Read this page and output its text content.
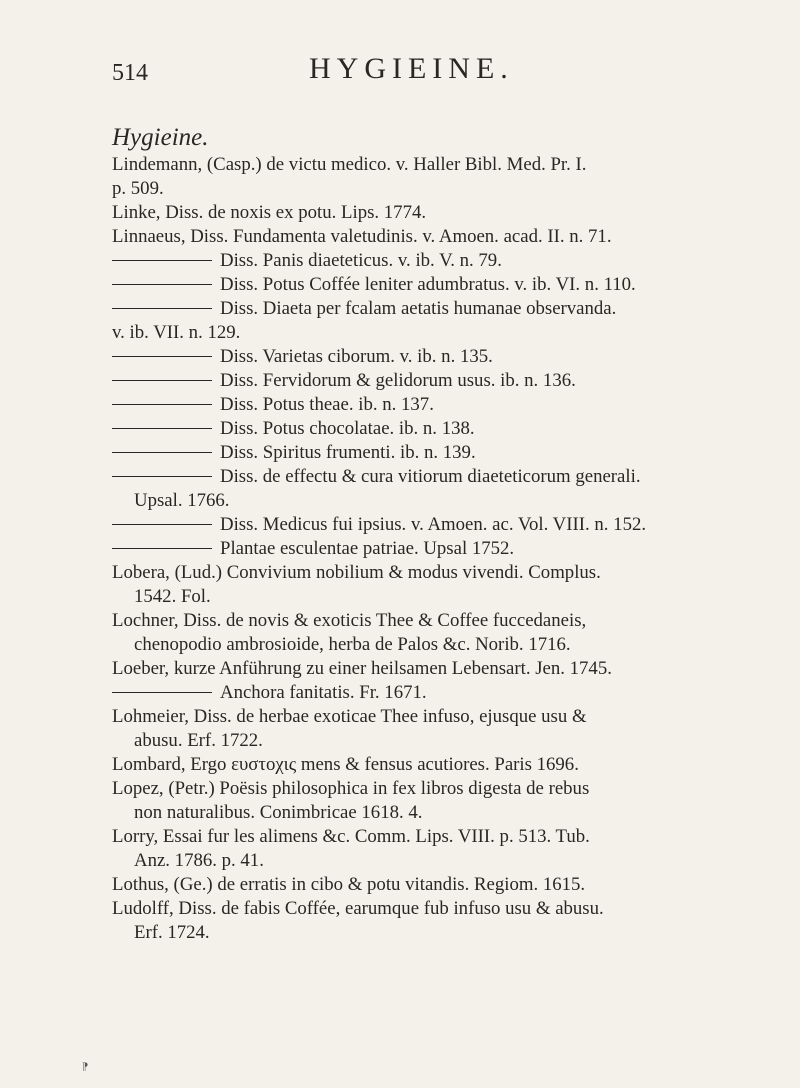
514	HYGIEINE.
Hygieine.
Lindemann, (Casp.) de victu medico. v. Haller Bibl. Med. Pr. I.
p. 509.
Linke, Diss. de noxis ex potu. Lips. 1774.
Linnaeus, Diss. Fundamenta valetudinis. v. Amoen. acad. II. n. 71.
Diss. Panis diaeteticus. v. ib. V. n. 79.
Diss. Potus Coffée leniter adumbratus. v. ib. VI. n. 110.
Diss. Diaeta per fcalam aetatis humanae observanda.
v. ib. VII. n. 129.
Diss. Varietas ciborum. v. ib. n. 135.
Diss. Fervidorum & gelidorum usus. ib. n. 136.
Diss. Potus theae. ib. n. 137.
Diss. Potus chocolatae. ib. n. 138.
Diss. Spiritus frumenti. ib. n. 139.
Diss. de effectu & cura vitiorum diaeteticorum generali.
Upsal. 1766.
Diss. Medicus fui ipsius. v. Amoen. ac. Vol. VIII. n. 152.
Plantae esculentae patriae. Upsal 1752.
Lobera, (Lud.) Convivium nobilium & modus vivendi. Complus.
1542. Fol.
Lochner, Diss. de novis & exoticis Thee & Coffee fuccedaneis,
chenopodio ambrosioide, herba de Palos &c. Norib. 1716.
Loeber, kurze Anführung zu einer heilsamen Lebensart. Jen. 1745.
Anchora fanitatis. Fr. 1671.
Lohmeier, Diss. de herbae exoticae Thee infuso, ejusque usu &
abusu. Erf. 1722.
Lombard, Ergo ευστοχις mens & fensus acutiores. Paris 1696.
Lopez, (Petr.) Poësis philosophica in fex libros digesta de rebus
non naturalibus. Conimbricae 1618. 4.
Lorry, Essai fur les alimens &c. Comm. Lips. VIII. p. 513. Tub.
Anz. 1786. p. 41.
Lothus, (Ge.) de erratis in cibo & potu vitandis. Regiom. 1615.
Ludolff, Diss. de fabis Coffée, earumque fub infuso usu & abusu.
Erf. 1724.
⁋
